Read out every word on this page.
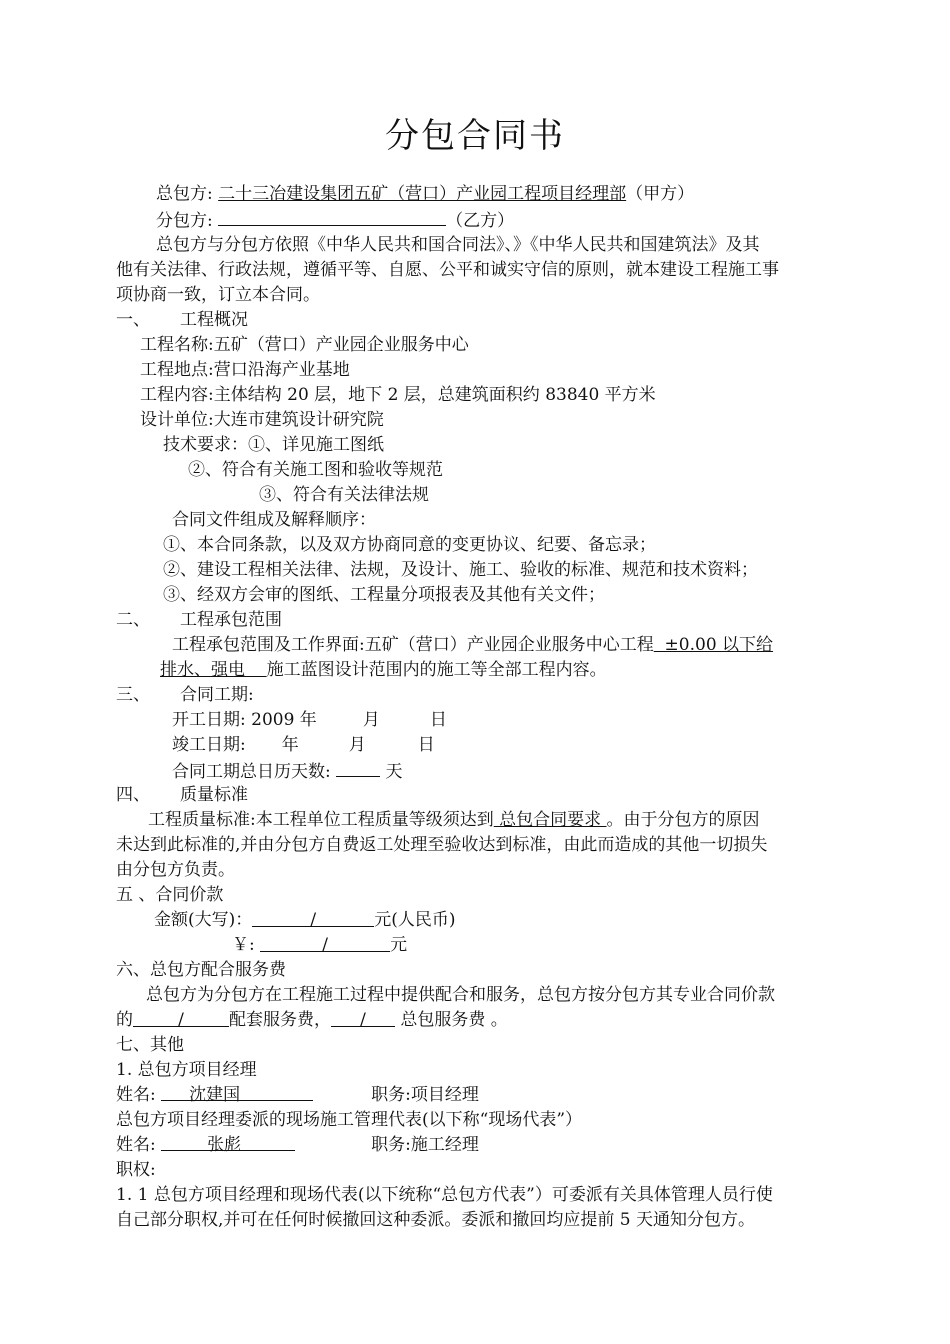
分包合同书
总包方: 二十三冶建设集团五矿（营口）产业园工程项目经理部（甲方）
分包方:	（乙方）
总包方与分包方依照《中华人民共和国合同法》、》《中华人民共和国建筑法》及其
他有关法律、行政法规，遵循平等、自愿、公平和诚实守信的原则，就本建设工程施工事
项协商一致，订立本合同。
一、 工程概况
工程名称:五矿（营口）产业园企业服务中心
工程地点:营口沿海产业基地
工程内容:主体结构 20 层，地下 2 层，总建筑面积约 83840 平方米
设计单位:大连市建筑设计研究院
技术要求：①、详见施工图纸
②、符合有关施工图和验收等规范
③、符合有关法律法规
合同文件组成及解释顺序：
①、本合同条款，以及双方协商同意的变更协议、纪要、备忘录；
②、建设工程相关法律、法规，及设计、施工、验收的标准、规范和技术资料；
③、经双方会审的图纸、工程量分项报表及其他有关文件；
二、 工程承包范围
工程承包范围及工作界面:五矿（营口）产业园企业服务中心工程  ±0.00 以下给
排水、强电    施工蓝图设计范围内的施工等全部工程内容。
三、 合同工期:
开工日期: 2009 年	月	日
竣工日期: 年	月	日
合同工期总日历天数:	天
四、 质量标准
工程质量标准:本工程单位工程质量等级须达到 总包合同要求 。由于分包方的原因
未达到此标准的,并由分包方自费返工处理至验收达到标准，由此而造成的其他一切损失
由分包方负责。
五 、合同价款
金额(大写)：	/	元(人民币)
￥:	/	元
六、总包方配合服务费
总包方为分包方在工程施工过程中提供配合和服务，总包方按分包方其专业合同价款
的	/	配套服务费， / 总包服务费 。
七、其他
1. 总包方项目经理
姓名: 沈建国	职务:项目经理
总包方项目经理委派的现场施工管理代表(以下称“现场代表”）
姓名:	张彪	职务:施工经理
职权:
1. 1 总包方项目经理和现场代表(以下统称“总包方代表”）可委派有关具体管理人员行使
自己部分职权,并可在任何时候撤回这种委派。委派和撤回均应提前 5 天通知分包方。
